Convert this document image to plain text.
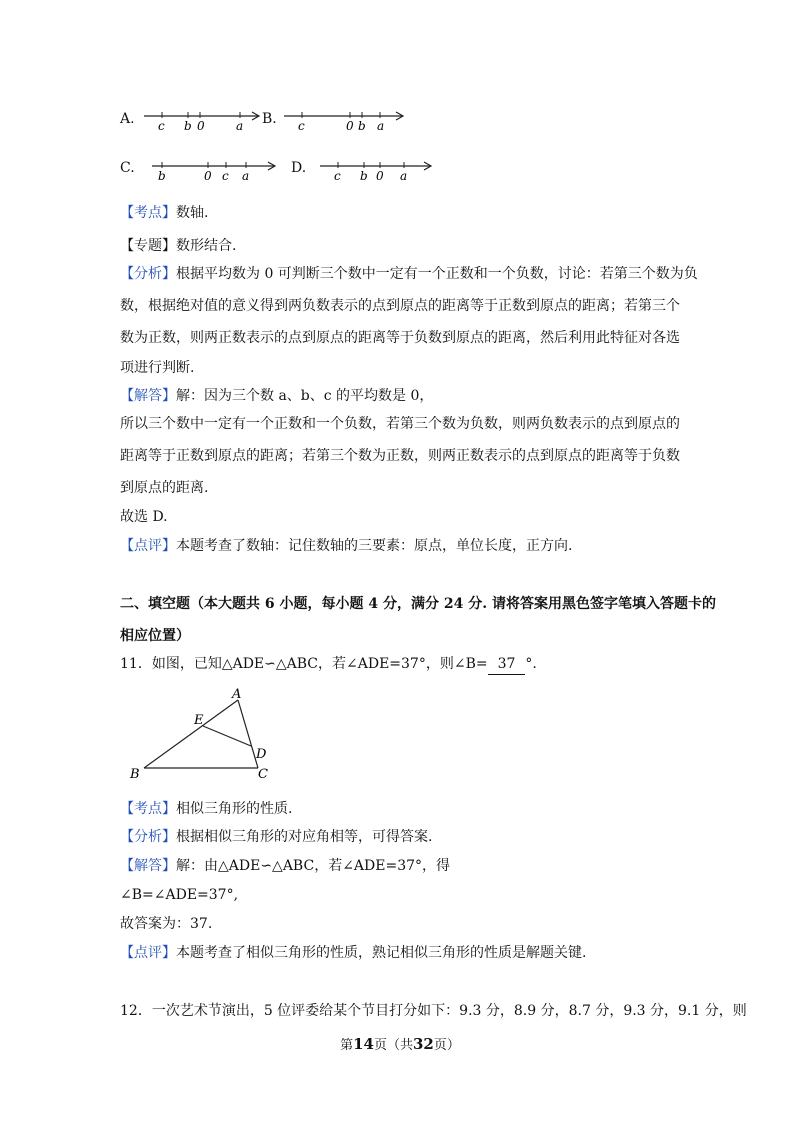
A. c b 0	a B. c	0 b a
C. b	0 c a	D. c b 0 a
【考点】数轴.
【专题】数形结合.
【分析】根据平均数为 0 可判断三个数中一定有一个正数和一个负数，讨论：若第三个数为负
数，根据绝对值的意义得到两负数表示的点到原点的距离等于正数到原点的距离；若第三个
数为正数，则两正数表示的点到原点的距离等于负数到原点的距离，然后利用此特征对各选
项进行判断.
【解答】解：因为三个数 a、b、c 的平均数是 0，
所以三个数中一定有一个正数和一个负数，若第三个数为负数，则两负数表示的点到原点的
距离等于正数到原点的距离；若第三个数为正数，则两正数表示的点到原点的距离等于负数
到原点的距离.
故选 D.
【点评】本题考查了数轴：记住数轴的三要素：原点，单位长度，正方向.
二、填空题（本大题共 6 小题，每小题 4 分，满分 24 分. 请将答案用黑色签字笔填入答题卡的
相应位置）
11．如图，已知△ADE∽△ABC，若∠ADE=37°，则∠B= 37 °.
A
E
D
B	C
【考点】相似三角形的性质.
【分析】根据相似三角形的对应角相等，可得答案.
【解答】解：由△ADE∽△ABC，若∠ADE=37°，得
∠B=∠ADE=37°,
故答案为：37.
【点评】本题考查了相似三角形的性质，熟记相似三角形的性质是解题关键.
12．一次艺术节演出，5 位评委给某个节目打分如下：9.3 分，8.9 分，8.7 分，9.3 分，9.1 分，则
第14页（共32页）
